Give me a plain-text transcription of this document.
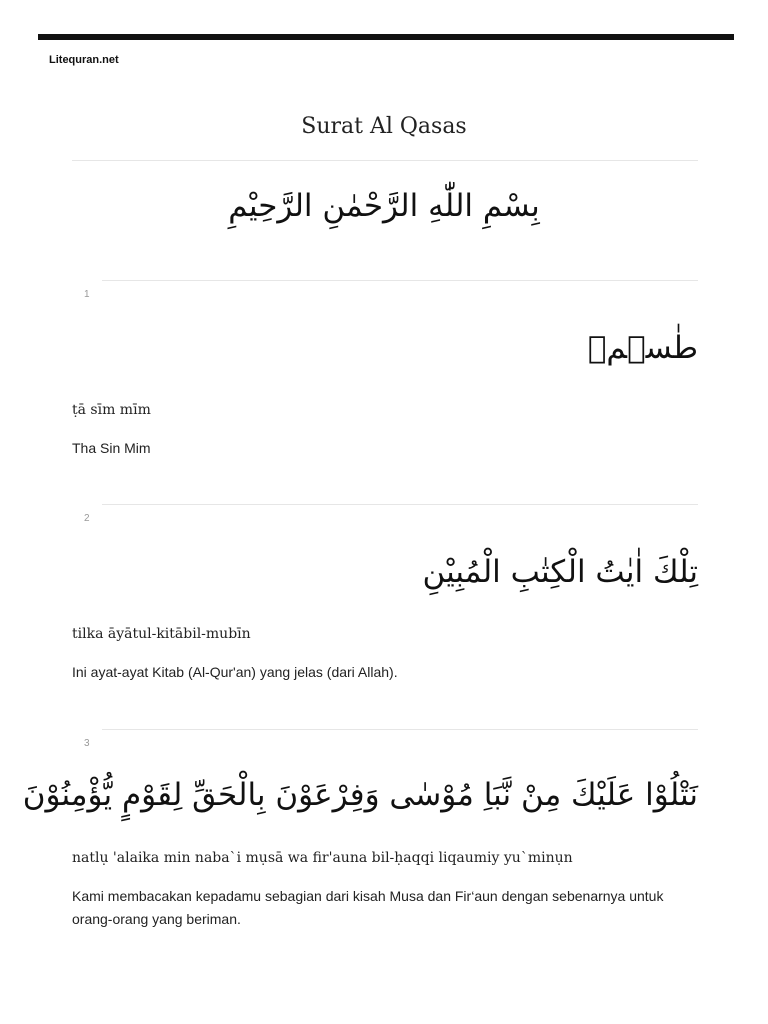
Litequran.net
Surat Al Qasas
بِسْمِ اللّٰهِ الرَّحْمٰنِ الرَّحِيْمِ
1
طٰسۤمۤ
ṭā sīm mīm
Tha Sin Mim
2
تِلْكَ اٰيٰتُ الْكِتٰبِ الْمُبِيْنِ
tilka āyātul-kitābil-mubīn
Ini ayat-ayat Kitab (Al-Qur'an) yang jelas (dari Allah).
3
نَتْلُوْا عَلَيْكَ مِنْ نَّبَاِ مُوْسٰى وَفِرْعَوْنَ بِالْحَقِّ لِقَوْمٍ يُّؤْمِنُوْنَ
natlụ 'alaika min naba`i mụsā wa fir'auna bil-ḥaqqi liqaumiy yu`minụn
Kami membacakan kepadamu sebagian dari kisah Musa dan Fir‘aun dengan sebenarnya untuk orang-orang yang beriman.
